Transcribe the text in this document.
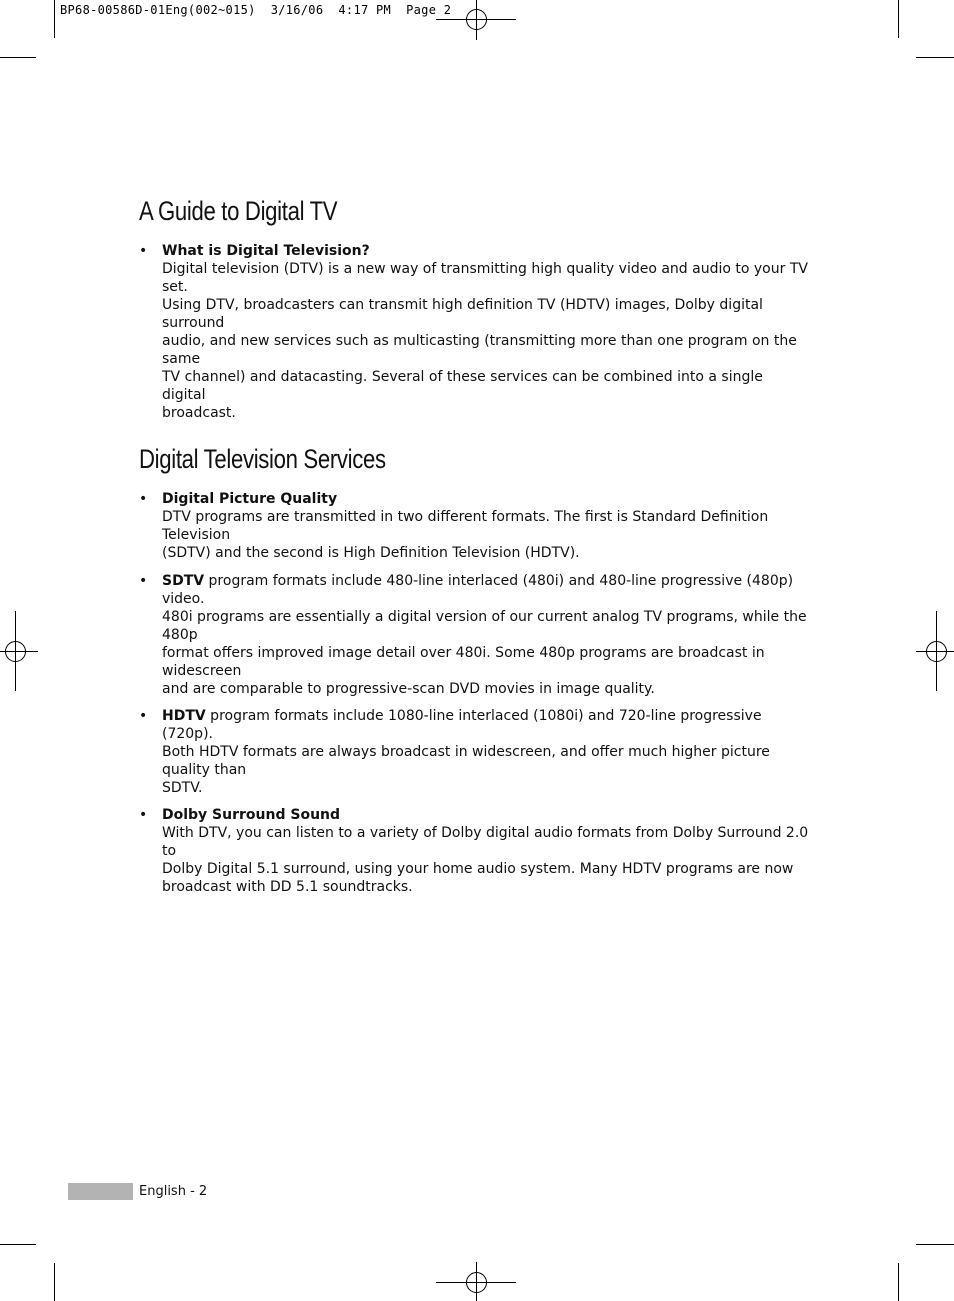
BP68-00586D-01Eng(002~015)  3/16/06  4:17 PM  Page 2
A Guide to Digital TV
• What is Digital Television?
Digital television (DTV) is a new way of transmitting high quality video and audio to your TV set.
Using DTV, broadcasters can transmit high definition TV (HDTV) images, Dolby digital surround
audio, and new services such as multicasting (transmitting more than one program on the same
TV channel) and datacasting. Several of these services can be combined into a single digital
broadcast.
Digital Television Services
• Digital Picture Quality
DTV programs are transmitted in two different formats. The first is Standard Definition Television
(SDTV) and the second is High Definition Television (HDTV).
• SDTV program formats include 480-line interlaced (480i) and 480-line progressive (480p) video.
480i programs are essentially a digital version of our current analog TV programs, while the 480p
format offers improved image detail over 480i. Some 480p programs are broadcast in widescreen
and are comparable to progressive-scan DVD movies in image quality.
• HDTV program formats include 1080-line interlaced (1080i) and 720-line progressive (720p).
Both HDTV formats are always broadcast in widescreen, and offer much higher picture quality than
SDTV.
• Dolby Surround Sound
With DTV, you can listen to a variety of Dolby digital audio formats from Dolby Surround 2.0 to
Dolby Digital 5.1 surround, using your home audio system. Many HDTV programs are now
broadcast with DD 5.1 soundtracks.
English - 2
